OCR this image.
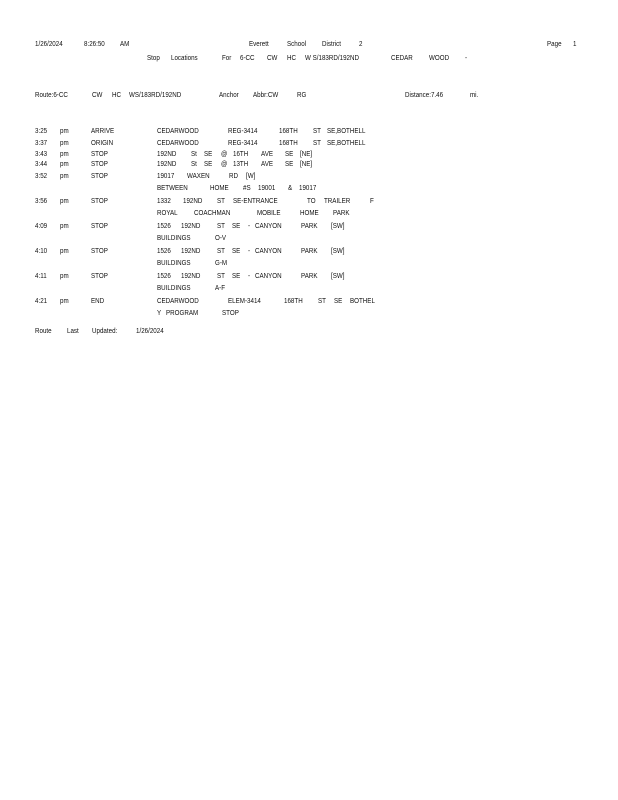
1/26/2024	8:26:50 AM	Everett School District 2	Page 1
Stop Locations	For 6-CC CW HC W S/183RD/192ND	CEDAR WOOD -
Route:6-CC	CW HC WS/183RD/192ND	Anchor Abbr:CW RG	Distance:7.46	mi.
3:25 pm	ARRIVE	CEDARWOOD	REG-3414	168TH ST SE,BOTHELL
3:37 pm	ORIGIN	CEDARWOOD	REG-3414	168TH ST SE,BOTHELL
3:43 pm	STOP	192ND St SE @ 16TH AVE SE [NE]
3:44 pm	STOP	192ND St SE @ 13TH AVE SE [NE]
3:52 pm	STOP	19017 WAXEN	RD [W]
BETWEEN	HOME #S 19001 & 19017
3:56 pm	STOP	1332 192ND ST SE-ENTRANCE	TO TRAILER	F
ROYAL COACHMAN	MOBILE	HOME PARK
4:09 pm	STOP	1526 192ND ST SE - CANYON	PARK [SW]
BUILDINGS	O-V
4:10 pm	STOP	1526 192ND ST SE - CANYON	PARK [SW]
BUILDINGS	G-M
4:11 pm	STOP	1526 192ND ST SE - CANYON	PARK [SW]
BUILDINGS	A-F
4:21 pm	END	CEDARWOOD	ELEM-3414	168TH ST SE BOTHEL
Y PROGRAM	STOP
Route Last Updated: 1/26/2024
